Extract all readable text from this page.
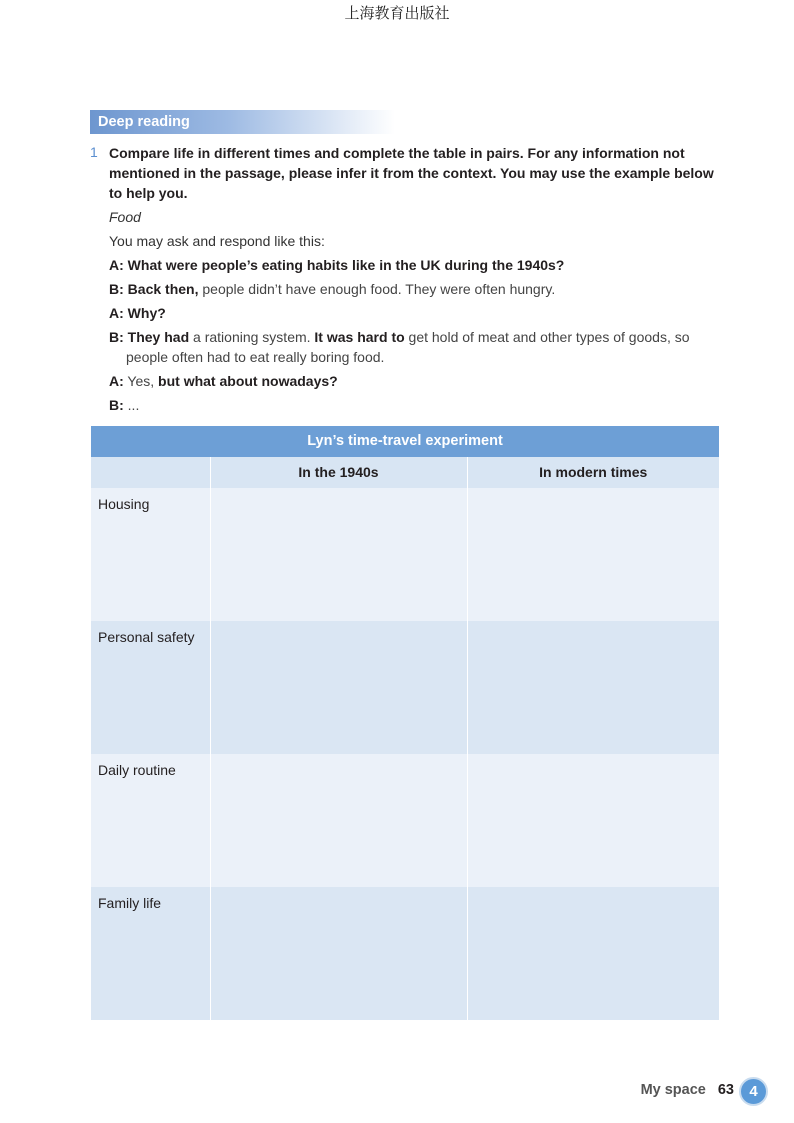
上海教育出版社
Deep reading
1 Compare life in different times and complete the table in pairs. For any information not mentioned in the passage, please infer it from the context. You may use the example below to help you.
Food
You may ask and respond like this:
A: What were people’s eating habits like in the UK during the 1940s?
B: Back then, people didn’t have enough food. They were often hungry.
A: Why?
B: They had a rationing system. It was hard to get hold of meat and other types of goods, so people often had to eat really boring food.
A: Yes, but what about nowadays?
B: ...
Lyn’s time-travel experiment		
	In the 1940s	In modern times
Housing		
Personal safety		
Daily routine		
Family life		
My space 63	4
